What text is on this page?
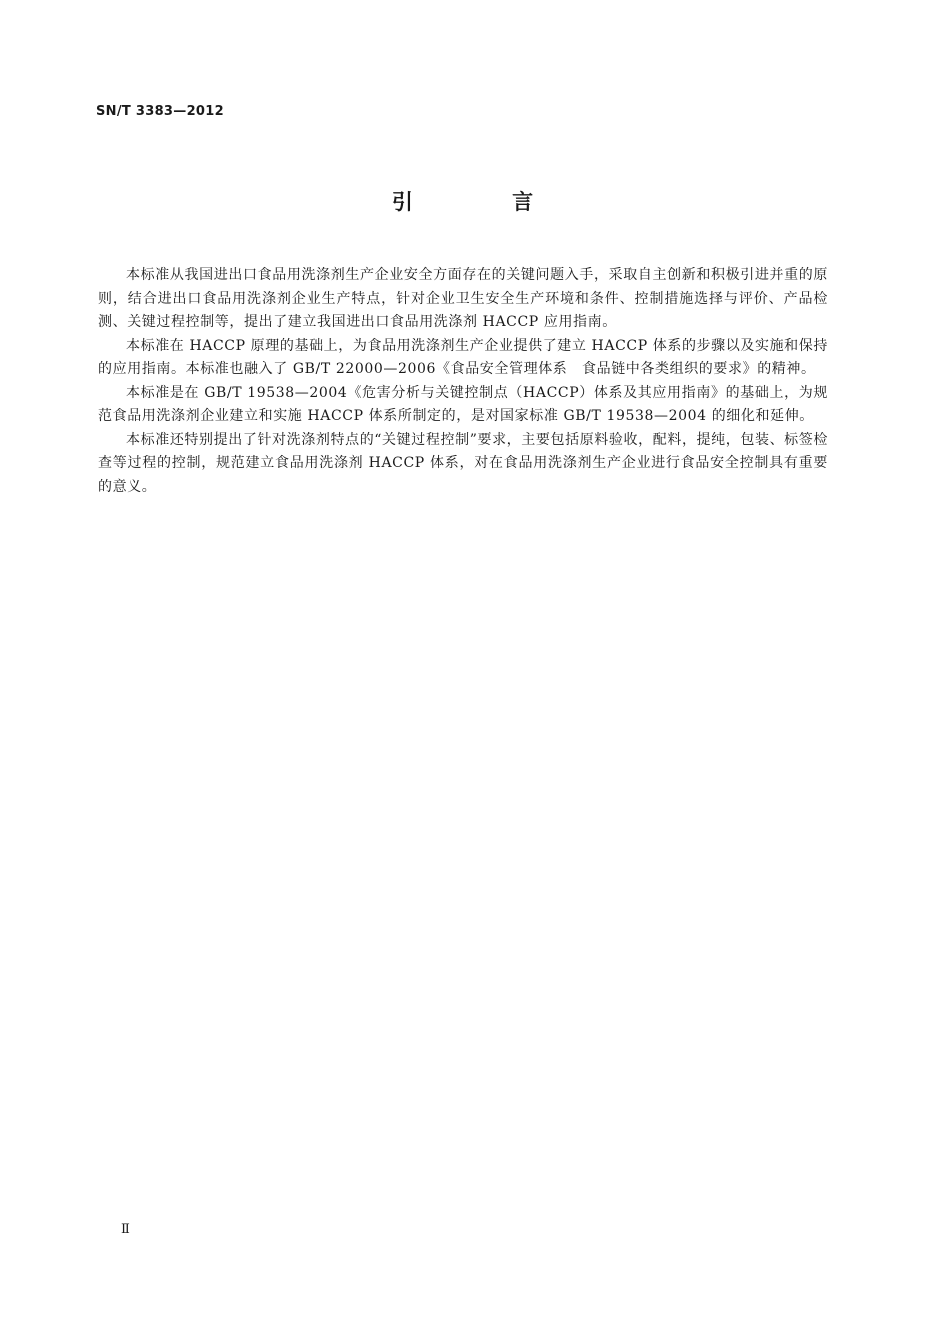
SN/T 3383—2012
引 言

本标准从我国进出口食品用洗涤剂生产企业安全方面存在的关键问题入手，采取自主创新和积极引进并重的原则，结合进出口食品用洗涤剂企业生产特点，针对企业卫生安全生产环境和条件、控制措施选择与评价、产品检测、关键过程控制等，提出了建立我国进出口食品用洗涤剂 HACCP 应用指南。

本标准在 HACCP 原理的基础上，为食品用洗涤剂生产企业提供了建立 HACCP 体系的步骤以及实施和保持的应用指南。本标准也融入了 GB/T 22000—2006《食品安全管理体系　食品链中各类组织的要求》的精神。

本标准是在 GB/T 19538—2004《危害分析与关键控制点（HACCP）体系及其应用指南》的基础上，为规范食品用洗涤剂企业建立和实施 HACCP 体系所制定的，是对国家标准 GB/T 19538—2004 的细化和延伸。

本标准还特别提出了针对洗涤剂特点的“关键过程控制”要求，主要包括原料验收，配料，提纯，包装、标签检查等过程的控制，规范建立食品用洗涤剂 HACCP 体系，对在食品用洗涤剂生产企业进行食品安全控制具有重要的意义。

Ⅱ
